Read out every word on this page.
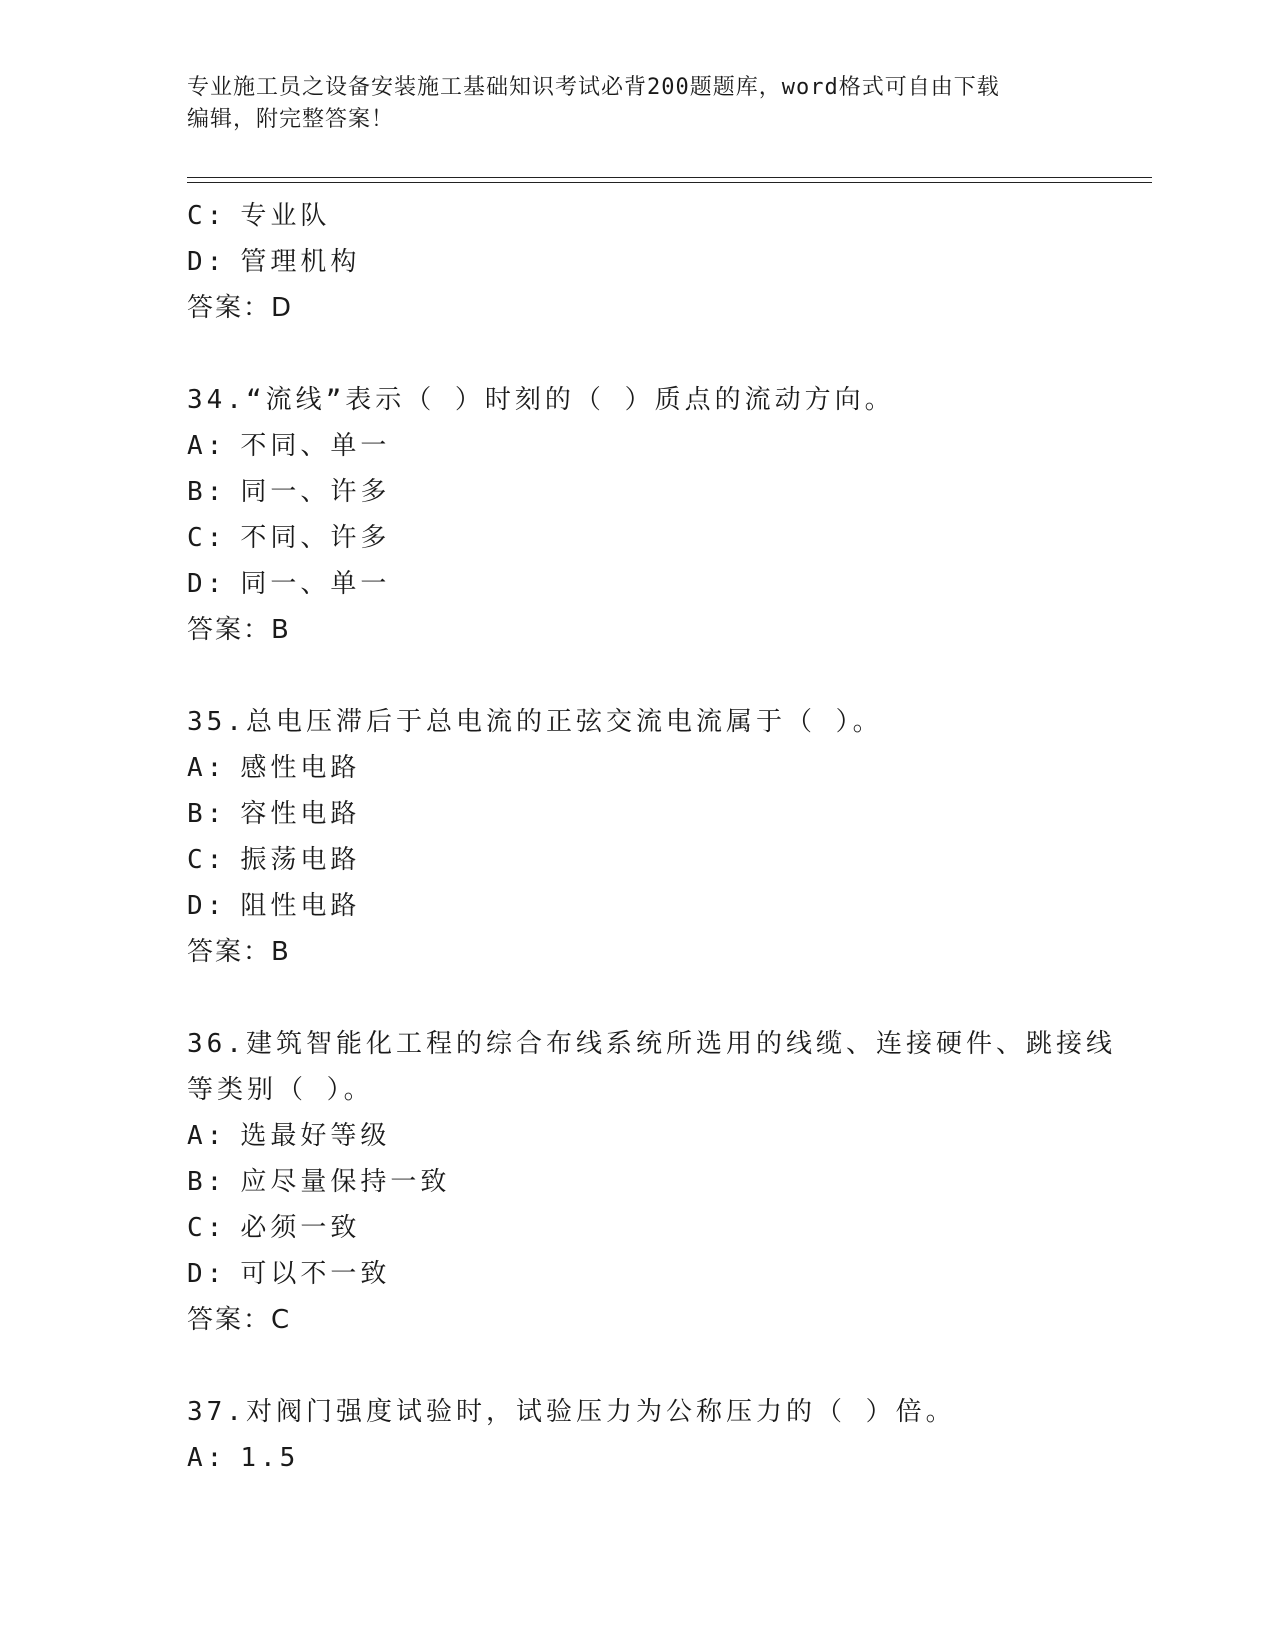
专业施工员之设备安装施工基础知识考试必背200题题库，word格式可自由下载
编辑，附完整答案！
C: 专业队
D: 管理机构
答案：D
34.“流线”表示（ ）时刻的（ ）质点的流动方向。
A: 不同、单一
B: 同一、许多
C: 不同、许多
D: 同一、单一
答案：B
35.总电压滞后于总电流的正弦交流电流属于（ ）。
A: 感性电路
B: 容性电路
C: 振荡电路
D: 阻性电路
答案：B
36.建筑智能化工程的综合布线系统所选用的线缆、连接硬件、跳接线
等类别（ ）。
A: 选最好等级
B: 应尽量保持一致
C: 必须一致
D: 可以不一致
答案：C
37.对阀门强度试验时，试验压力为公称压力的（ ）倍。
A: 1.5
